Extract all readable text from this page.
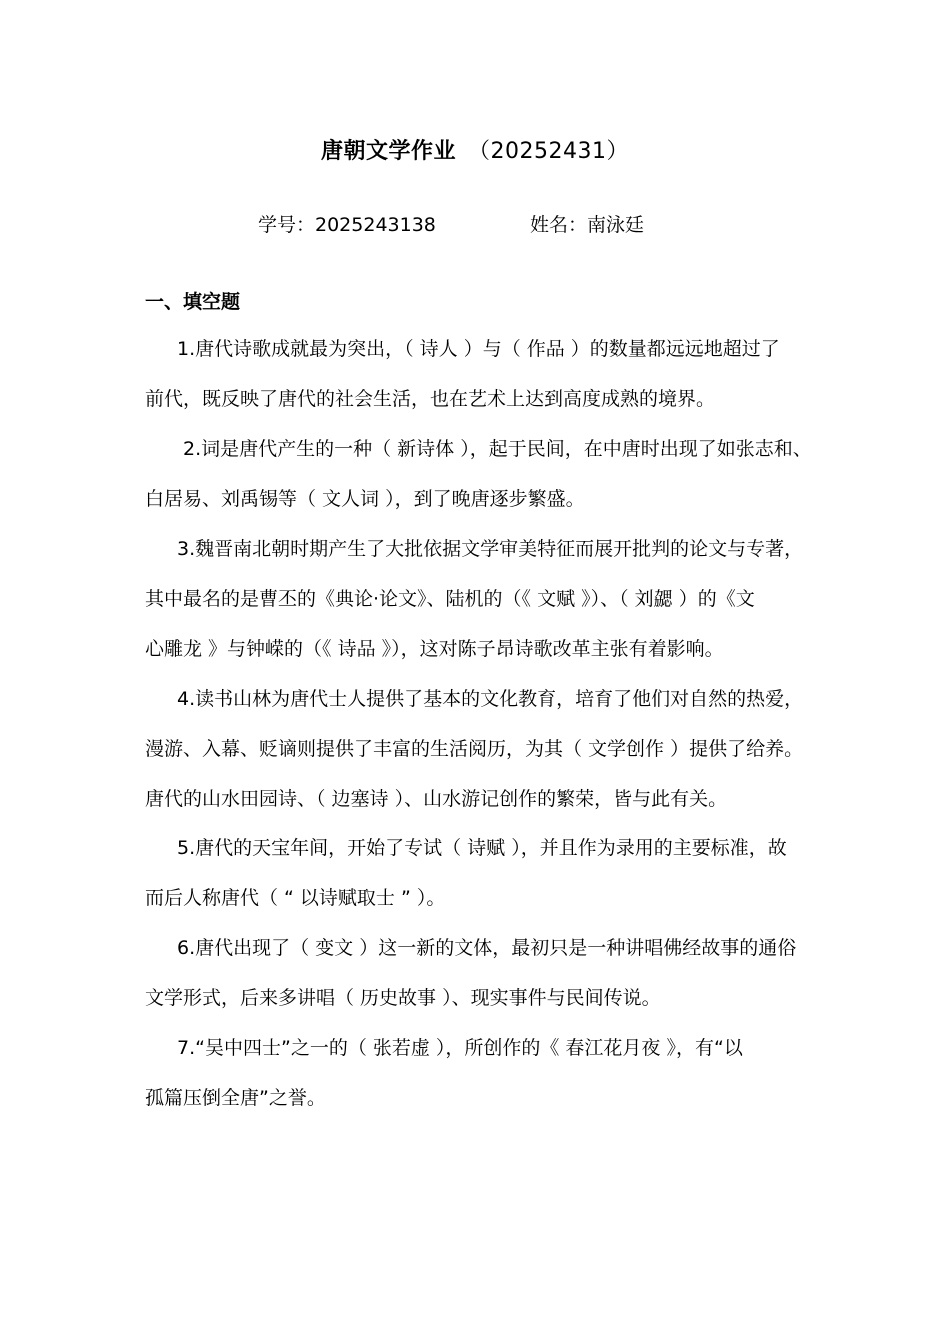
唐朝文学作业 （20252431）
学号：2025243138	姓名：南泳廷
一、填空题
1.唐代诗歌成就最为突出，（ 诗人 ）与（ 作品 ）的数量都远远地超过了
前代，既反映了唐代的社会生活，也在艺术上达到高度成熟的境界。
2.词是唐代产生的一种（ 新诗体 ），起于民间，在中唐时出现了如张志和、
白居易、刘禹锡等（ 文人词 ），到了晚唐逐步繁盛。
3.魏晋南北朝时期产生了大批依据文学审美特征而展开批判的论文与专著，
其中最名的是曹丕的《典论·论文》、陆机的（《 文赋 》）、（ 刘勰 ）的《文
心雕龙 》与钟嵘的（《 诗品 》），这对陈子昂诗歌改革主张有着影响。
4.读书山林为唐代士人提供了基本的文化教育，培育了他们对自然的热爱，
漫游、入幕、贬谪则提供了丰富的生活阅历，为其（ 文学创作 ）提供了给养。
唐代的山水田园诗、（ 边塞诗 ）、山水游记创作的繁荣，皆与此有关。
5.唐代的天宝年间，开始了专试（ 诗赋 ），并且作为录用的主要标准，故
而后人称唐代（ “ 以诗赋取士 ” ）。
6.唐代出现了（ 变文 ）这一新的文体，最初只是一种讲唱佛经故事的通俗
文学形式，后来多讲唱（ 历史故事 ）、现实事件与民间传说。
7.“吴中四士”之一的（ 张若虚 ），所创作的《 春江花月夜 》，有“以
孤篇压倒全唐”之誉。
